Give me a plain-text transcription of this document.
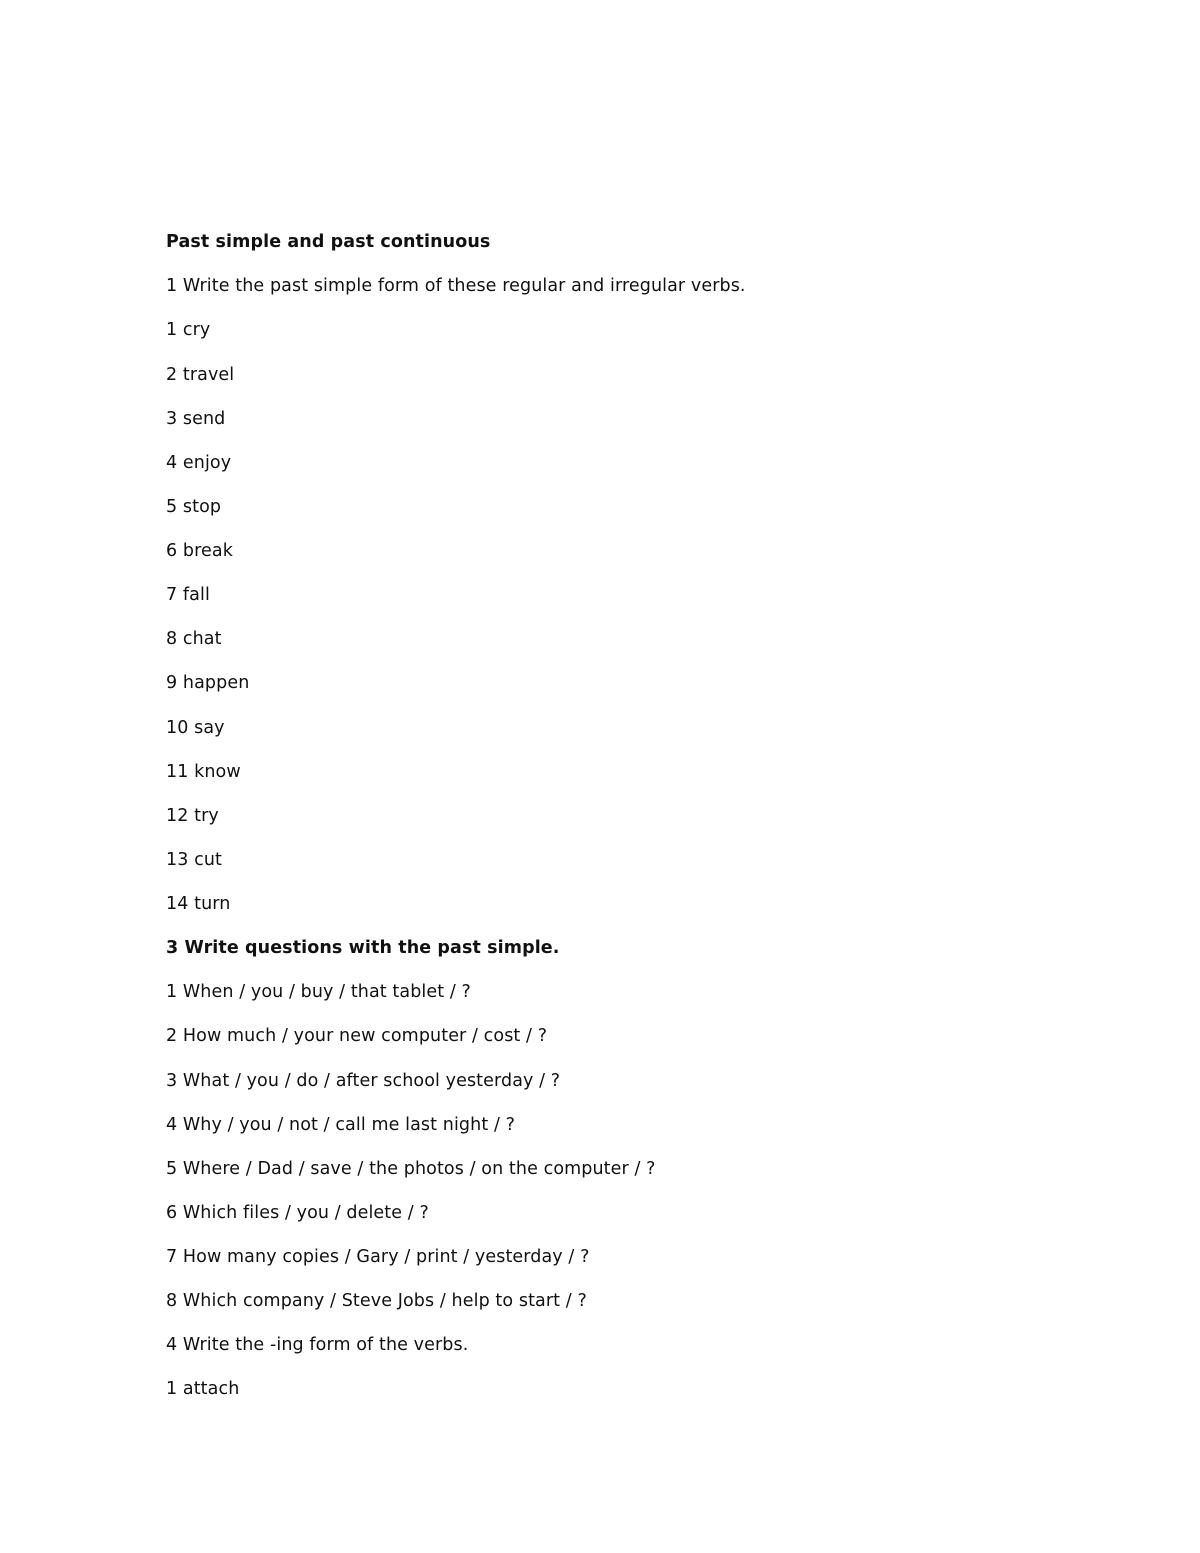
Past simple and past continuous
1 Write the past simple form of these regular and irregular verbs.
1 cry
2 travel
3 send
4 enjoy
5 stop
6 break
7 fall
8 chat
9 happen
10 say
11 know
12 try
13 cut
14 turn
3 Write questions with the past simple.
1 When / you / buy / that tablet / ?
2 How much / your new computer / cost / ?
3 What / you / do / after school yesterday / ?
4 Why / you / not / call me last night / ?
5 Where / Dad / save / the photos / on the computer / ?
6 Which files / you / delete / ?
7 How many copies / Gary / print / yesterday / ?
8 Which company / Steve Jobs / help to start / ?
4 Write the -ing form of the verbs.
1 attach
